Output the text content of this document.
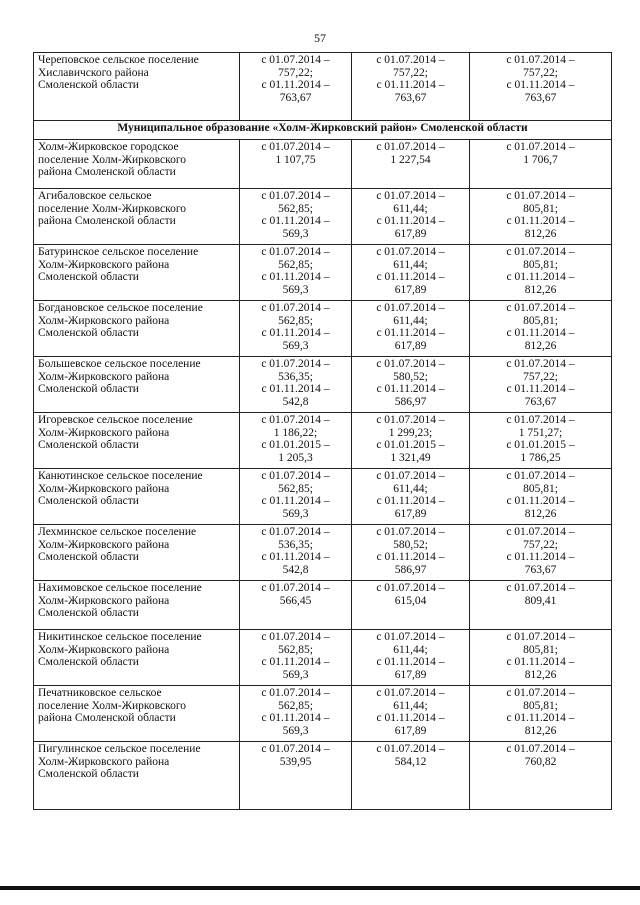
57
Череповское сельское поселение
Хиславичского района
Смоленской области	с 01.07.2014 –
757,22;
с 01.11.2014 –
763,67	с 01.07.2014 –
757,22;
с 01.11.2014 –
763,67	с 01.07.2014 –
757,22;
с 01.11.2014 –
763,67

Муниципальное образование «Холм-Жирковский район» Смоленской области			

Холм-Жирковское городское
поселение Холм-Жирковского
района Смоленской области	с 01.07.2014 –
1 107,75	с 01.07.2014 –
1 227,54	с 01.07.2014 –
1 706,7

Агибаловское сельское
поселение Холм-Жирковского
района Смоленской области	с 01.07.2014 –
562,85;
с 01.11.2014 –
569,3	с 01.07.2014 –
611,44;
с 01.11.2014 –
617,89	с 01.07.2014 –
805,81;
с 01.11.2014 –
812,26

Батуринское сельское поселение
Холм-Жирковского района
Смоленской области	с 01.07.2014 –
562,85;
с 01.11.2014 –
569,3	с 01.07.2014 –
611,44;
с 01.11.2014 –
617,89	с 01.07.2014 –
805,81;
с 01.11.2014 –
812,26

Богдановское сельское поселение
Холм-Жирковского района
Смоленской области	с 01.07.2014 –
562,85;
с 01.11.2014 –
569,3	с 01.07.2014 –
611,44;
с 01.11.2014 –
617,89	с 01.07.2014 –
805,81;
с 01.11.2014 –
812,26

Большевское сельское поселение
Холм-Жирковского района
Смоленской области	с 01.07.2014 –
536,35;
с 01.11.2014 –
542,8	с 01.07.2014 –
580,52;
с 01.11.2014 –
586,97	с 01.07.2014 –
757,22;
с 01.11.2014 –
763,67

Игоревское сельское поселение
Холм-Жирковского района
Смоленской области	с 01.07.2014 –
1 186,22;
с 01.01.2015 –
1 205,3	с 01.07.2014 –
1 299,23;
с 01.01.2015 –
1 321,49	с 01.07.2014 –
1 751,27;
с 01.01.2015 –
1 786,25

Канютинское сельское поселение
Холм-Жирковского района
Смоленской области	с 01.07.2014 –
562,85;
с 01.11.2014 –
569,3	с 01.07.2014 –
611,44;
с 01.11.2014 –
617,89	с 01.07.2014 –
805,81;
с 01.11.2014 –
812,26

Лехминское сельское поселение
Холм-Жирковского района
Смоленской области	с 01.07.2014 –
536,35;
с 01.11.2014 –
542,8	с 01.07.2014 –
580,52;
с 01.11.2014 –
586,97	с 01.07.2014 –
757,22;
с 01.11.2014 –
763,67

Нахимовское сельское поселение
Холм-Жирковского района
Смоленской области	с 01.07.2014 –
566,45	с 01.07.2014 –
615,04	с 01.07.2014 –
809,41

Никитинское сельское поселение
Холм-Жирковского района
Смоленской области	с 01.07.2014 –
562,85;
с 01.11.2014 –
569,3	с 01.07.2014 –
611,44;
с 01.11.2014 –
617,89	с 01.07.2014 –
805,81;
с 01.11.2014 –
812,26

Печатниковское сельское
поселение Холм-Жирковского
района Смоленской области	с 01.07.2014 –
562,85;
с 01.11.2014 –
569,3	с 01.07.2014 –
611,44;
с 01.11.2014 –
617,89	с 01.07.2014 –
805,81;
с 01.11.2014 –
812,26

Пигулинское сельское поселение
Холм-Жирковского района
Смоленской области	с 01.07.2014 –
539,95	с 01.07.2014 –
584,12	с 01.07.2014 –
760,82
